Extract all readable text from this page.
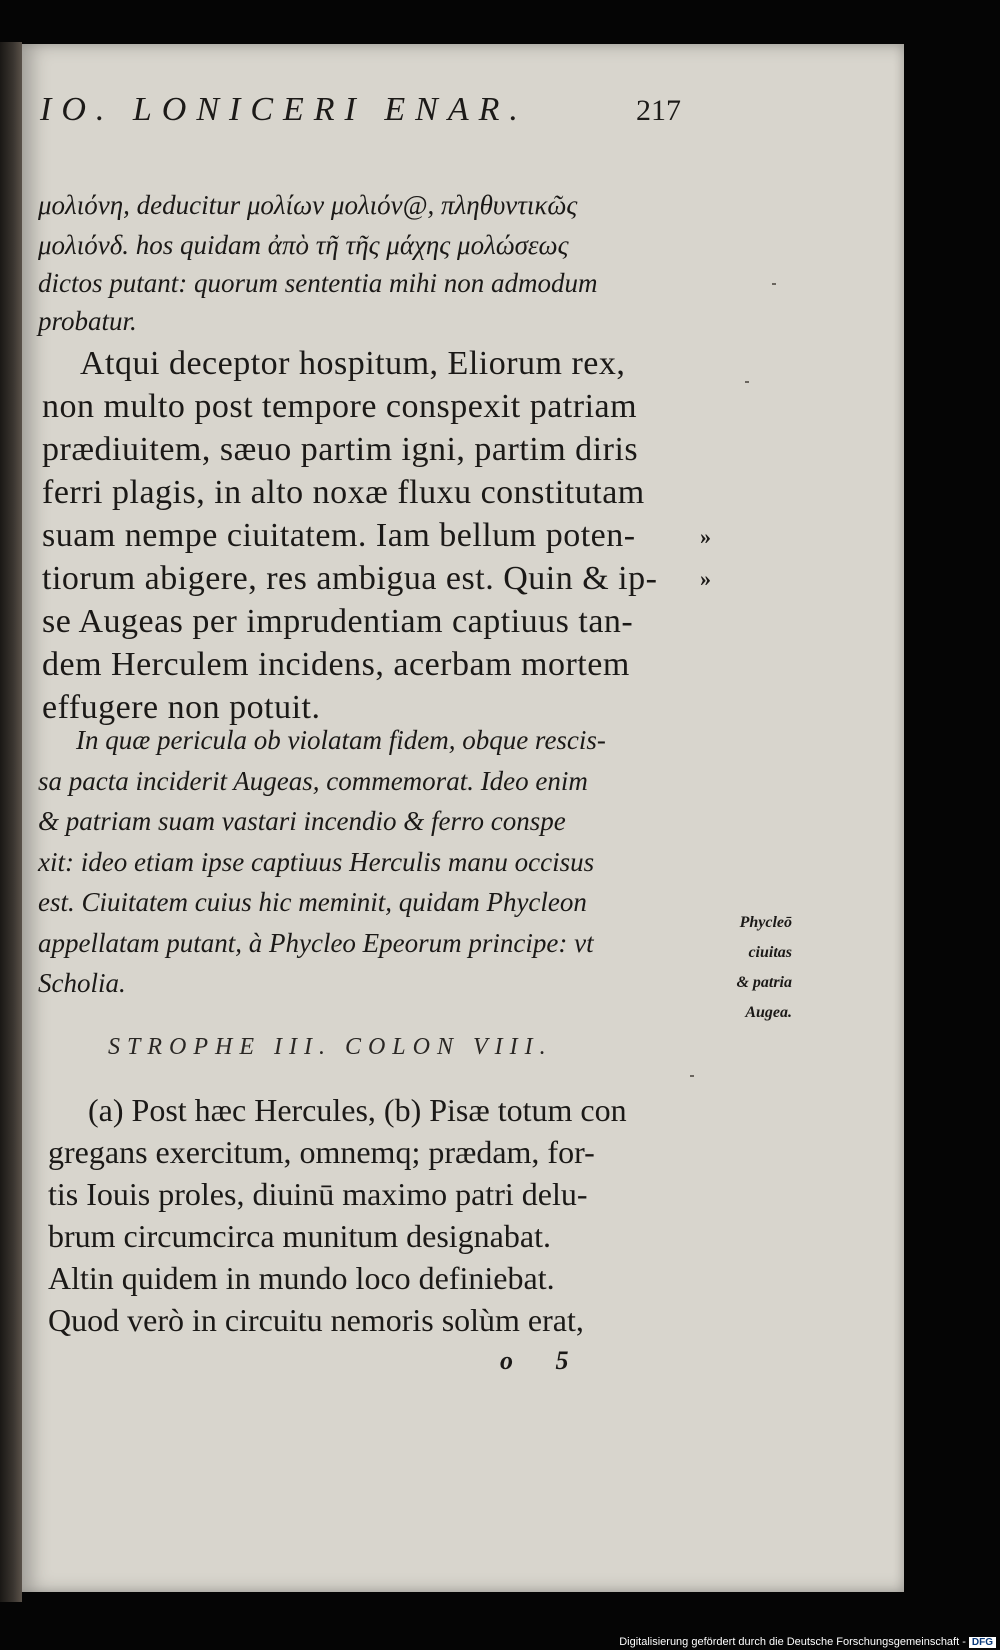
IO. LONICERI ENAR.	217
μολιόνη, deducitur μολίων μολιόν@, πληθυντικῶς
μολιόνδ. hos quidam ἀπὸ τῆ τῆς μάχης μολώσεως
dictos putant: quorum sententia mihi non admodum
probatur.
Atqui deceptor hospitum, Eliorum rex,
non multo post tempore conspexit patriam
prædiuitem, sæuo partim igni, partim diris
ferri plagis, in alto noxæ fluxu constitutam
suam nempe ciuitatem. Iam bellum poten-
tiorum abigere, res ambigua est. Quin & ip-
se Augeas per imprudentiam captiuus tan-
dem Herculem incidens, acerbam mortem
effugere non potuit.
»
»
In quæ pericula ob violatam fidem, obque rescis-
sa pacta inciderit Augeas, commemorat. Ideo enim
& patriam suam vastari incendio & ferro conspe
xit: ideo etiam ipse captiuus Herculis manu occisus
est. Ciuitatem cuius hic meminit, quidam Phycleon
appellatam putant, à Phycleo Epeorum principe: vt
Scholia.
Phycleō
ciuitas
& patria
Augea.
STROPHE III. COLON VIII.
(a) Post hæc Hercules, (b) Pisæ totum con
gregans exercitum, omnemq; prædam, for-
tis Iouis proles, diuinū maximo patri delu-
brum circumcirca munitum designabat.
Altin quidem in mundo loco definiebat.
Quod verò in circuitu nemoris solùm erat,
o 5
Digitalisierung gefördert durch die Deutsche Forschungsgemeinschaft - DFG
